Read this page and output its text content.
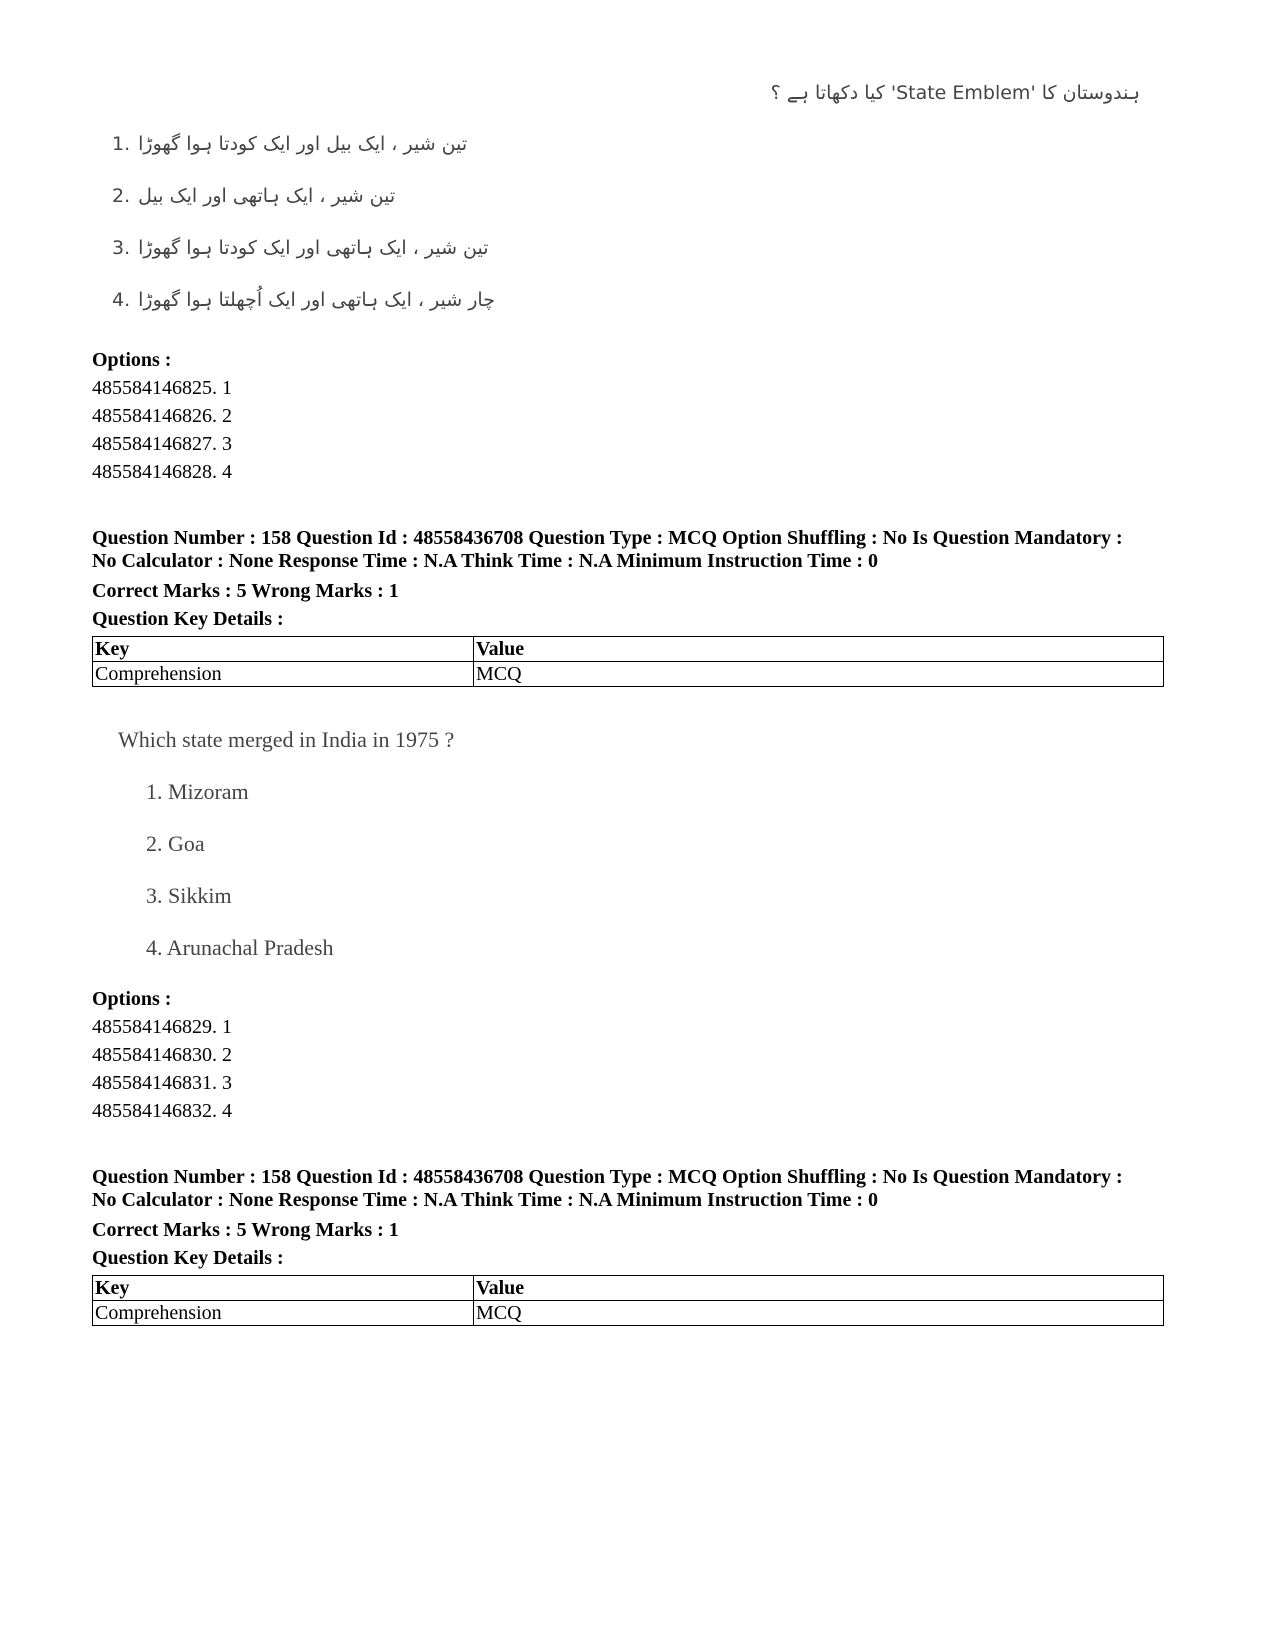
ہندوستان کا 'State Emblem' کیا دکھاتا ہے ؟
1. تین شیر ، ایک بیل اور ایک کودتا ہوا گھوڑا
2. تین شیر ، ایک ہاتھی اور ایک بیل
3. تین شیر ، ایک ہاتھی اور ایک کودتا ہوا گھوڑا
4. چار شیر ، ایک ہاتھی اور ایک اُچھلتا ہوا گھوڑا
Options :
485584146825. 1
485584146826. 2
485584146827. 3
485584146828. 4
Question Number : 158 Question Id : 48558436708 Question Type : MCQ Option Shuffling : No Is Question Mandatory :
No Calculator : None Response Time : N.A Think Time : N.A Minimum Instruction Time : 0
Correct Marks : 5 Wrong Marks : 1
Question Key Details :
Key	Value
Comprehension	MCQ
Which state merged in India in 1975 ?
1. Mizoram
2. Goa
3. Sikkim
4. Arunachal Pradesh
Options :
485584146829. 1
485584146830. 2
485584146831. 3
485584146832. 4
Question Number : 158 Question Id : 48558436708 Question Type : MCQ Option Shuffling : No Is Question Mandatory :
No Calculator : None Response Time : N.A Think Time : N.A Minimum Instruction Time : 0
Correct Marks : 5 Wrong Marks : 1
Question Key Details :
Key	Value
Comprehension	MCQ
